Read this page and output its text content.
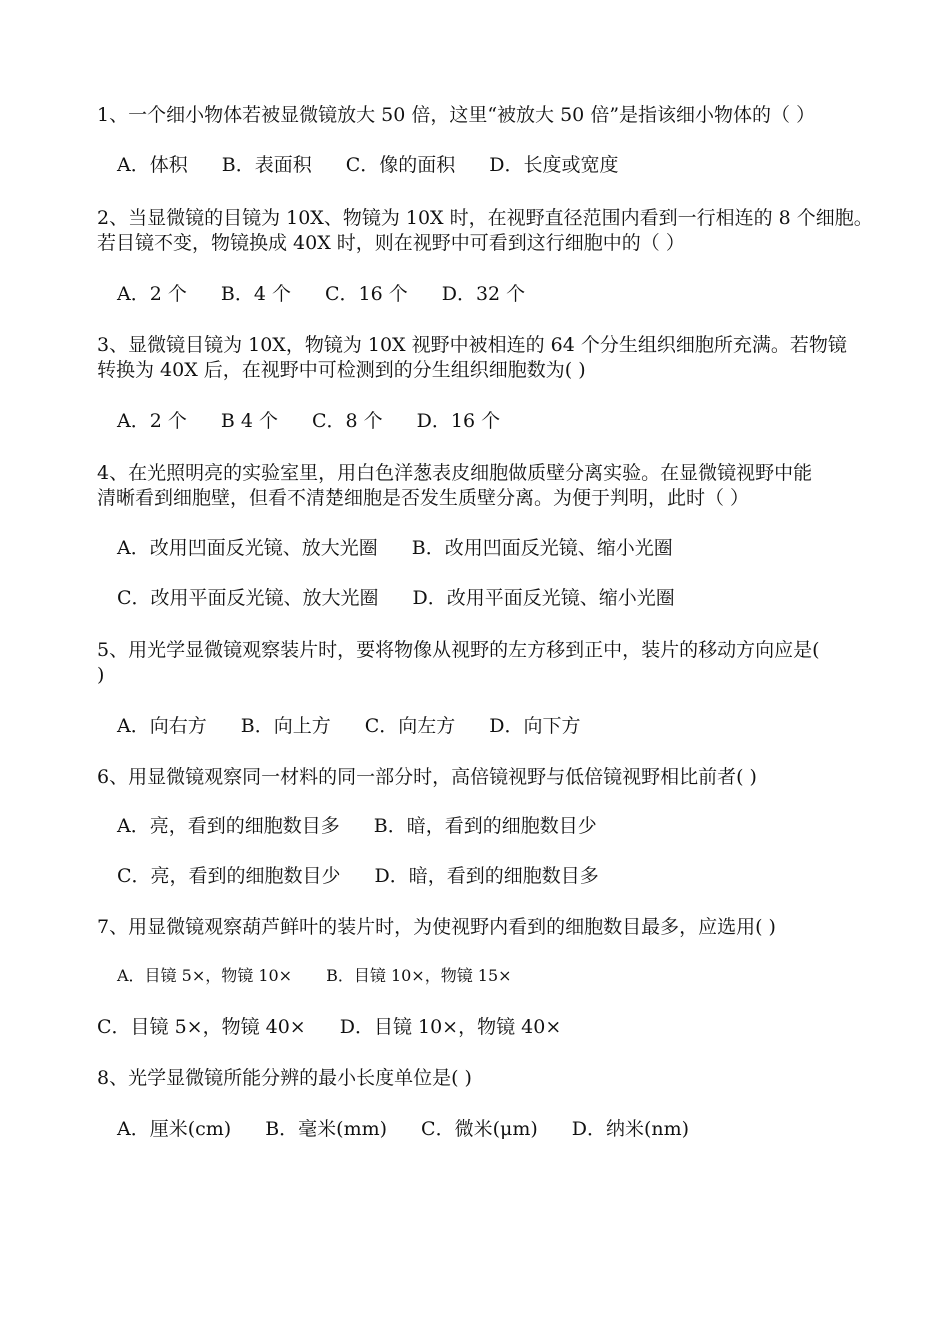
1、一个细小物体若被显微镜放大 50 倍，这里“被放大 50 倍”是指该细小物体的（ ）
A．体积 B．表面积 C．像的面积 D．长度或宽度
2、当显微镜的目镜为 10X、物镜为 10X 时，在视野直径范围内看到一行相连的 8 个细胞。
若目镜不变，物镜换成 40X 时，则在视野中可看到这行细胞中的（ ）
A．2 个 B．4 个 C．16 个 D．32 个
3、显微镜目镜为 10X，物镜为 10X 视野中被相连的 64 个分生组织细胞所充满。若物镜
转换为 40X 后，在视野中可检测到的分生组织细胞数为( )
A．2 个 B 4 个 C．8 个 D．16 个
4、在光照明亮的实验室里，用白色洋葱表皮细胞做质壁分离实验。在显微镜视野中能
清晰看到细胞壁，但看不清楚细胞是否发生质壁分离。为便于判明，此时（ ）
A．改用凹面反光镜、放大光圈 B．改用凹面反光镜、缩小光圈
C．改用平面反光镜、放大光圈 D．改用平面反光镜、缩小光圈
5、用光学显微镜观察装片时，要将物像从视野的左方移到正中，装片的移动方向应是(
)
A．向右方 B．向上方 C．向左方 D．向下方
6、用显微镜观察同一材料的同一部分时，高倍镜视野与低倍镜视野相比前者( )
A．亮，看到的细胞数目多 B．暗，看到的细胞数目少
C．亮，看到的细胞数目少 D．暗，看到的细胞数目多
7、用显微镜观察葫芦鲜叶的装片时，为使视野内看到的细胞数目最多，应选用( )
A．目镜 5×，物镜 10× B．目镜 10×，物镜 15×
C．目镜 5×，物镜 40× D．目镜 10×，物镜 40×
8、光学显微镜所能分辨的最小长度单位是( )
A．厘米(cm) B．毫米(mm) C．微米(μm) D．纳米(nm)
